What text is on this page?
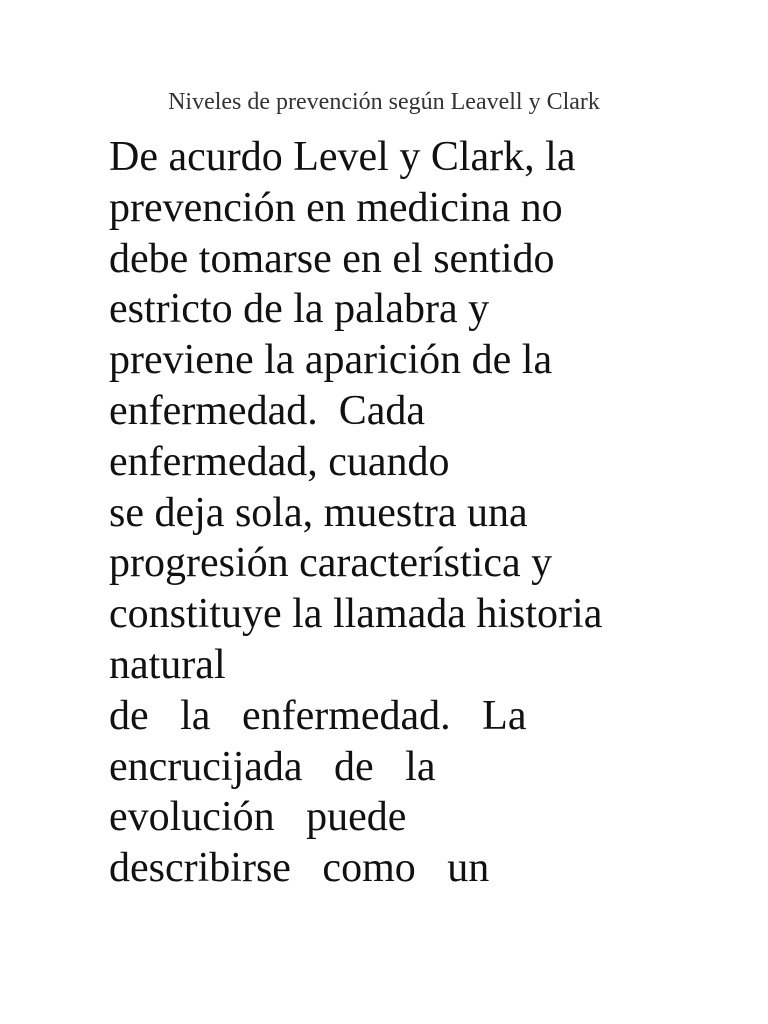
Niveles de prevención según Leavell y Clark
De acurdo Level y Clark, la
prevención en medicina no
debe tomarse en el sentido
estricto de la palabra y
previene la aparición de la
enfermedad.  Cada
enfermedad, cuando
se deja sola, muestra una
progresión característica y
constituye la llamada historia
natural
de   la   enfermedad.   La
encrucijada   de   la
evolución   puede
describirse   como   un
